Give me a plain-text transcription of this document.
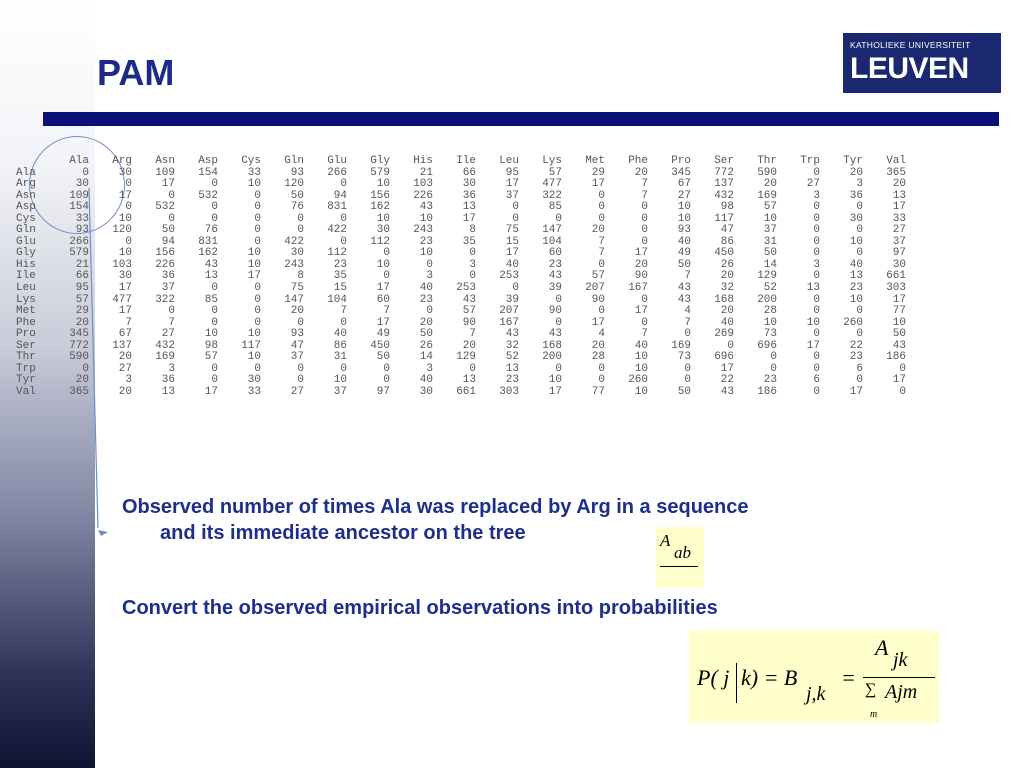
PAM
KATHOLIEKE UNIVERSITEIT
LEUVEN
	Ala	Arg	Asn	Asp	Cys	Gln	Glu	Gly	His	Ile	Leu	Lys	Met	Phe	Pro	Ser	Thr	Trp	Tyr	Val
Ala	0	30	109	154	33	93	266	579	21	66	95	57	29	20	345	772	590	0	20	365
Arg	30	0	17	0	10	120	0	10	103	30	17	477	17	7	67	137	20	27	3	20
Asn	109	17	0	532	0	50	94	156	226	36	37	322	0	7	27	432	169	3	36	13
Asp	154	0	532	0	0	76	831	162	43	13	0	85	0	0	10	98	57	0	0	17
Cys	33	10	0	0	0	0	0	10	10	17	0	0	0	0	10	117	10	0	30	33
Gln	93	120	50	76	0	0	422	30	243	8	75	147	20	0	93	47	37	0	0	27
Glu	266	0	94	831	0	422	0	112	23	35	15	104	7	0	40	86	31	0	10	37
Gly	579	10	156	162	10	30	112	0	10	0	17	60	7	17	49	450	50	0	0	97
His	21	103	226	43	10	243	23	10	0	3	40	23	0	20	50	26	14	3	40	30
Ile	66	30	36	13	17	8	35	0	3	0	253	43	57	90	7	20	129	0	13	661
Leu	95	17	37	0	0	75	15	17	40	253	0	39	207	167	43	32	52	13	23	303
Lys	57	477	322	85	0	147	104	60	23	43	39	0	90	0	43	168	200	0	10	17
Met	29	17	0	0	0	20	7	7	0	57	207	90	0	17	4	20	28	0	0	77
Phe	20	7	7	0	0	0	0	17	20	90	167	0	17	0	7	40	10	10	260	10
Pro	345	67	27	10	10	93	40	49	50	7	43	43	4	7	0	269	73	0	0	50
Ser	772	137	432	98	117	47	86	450	26	20	32	168	20	40	169	0	696	17	22	43
Thr	590	20	169	57	10	37	31	50	14	129	52	200	28	10	73	696	0	0	23	186
Trp	0	27	3	0	0	0	0	0	3	0	13	0	0	10	0	17	0	0	6	0
Tyr	20	3	36	0	30	0	10	0	40	13	23	10	0	260	0	22	23	6	0	17
Val	365	20	13	17	33	27	37	97	30	661	303	17	77	10	50	43	186	0	17	0
Observed number of times Ala was replaced by Arg in a sequence
and its immediate ancestor on the tree	A
ab
Convert the observed empirical observations into probabilities
P( j k) = B
j,k
=
A jk
∑
m
Ajm
